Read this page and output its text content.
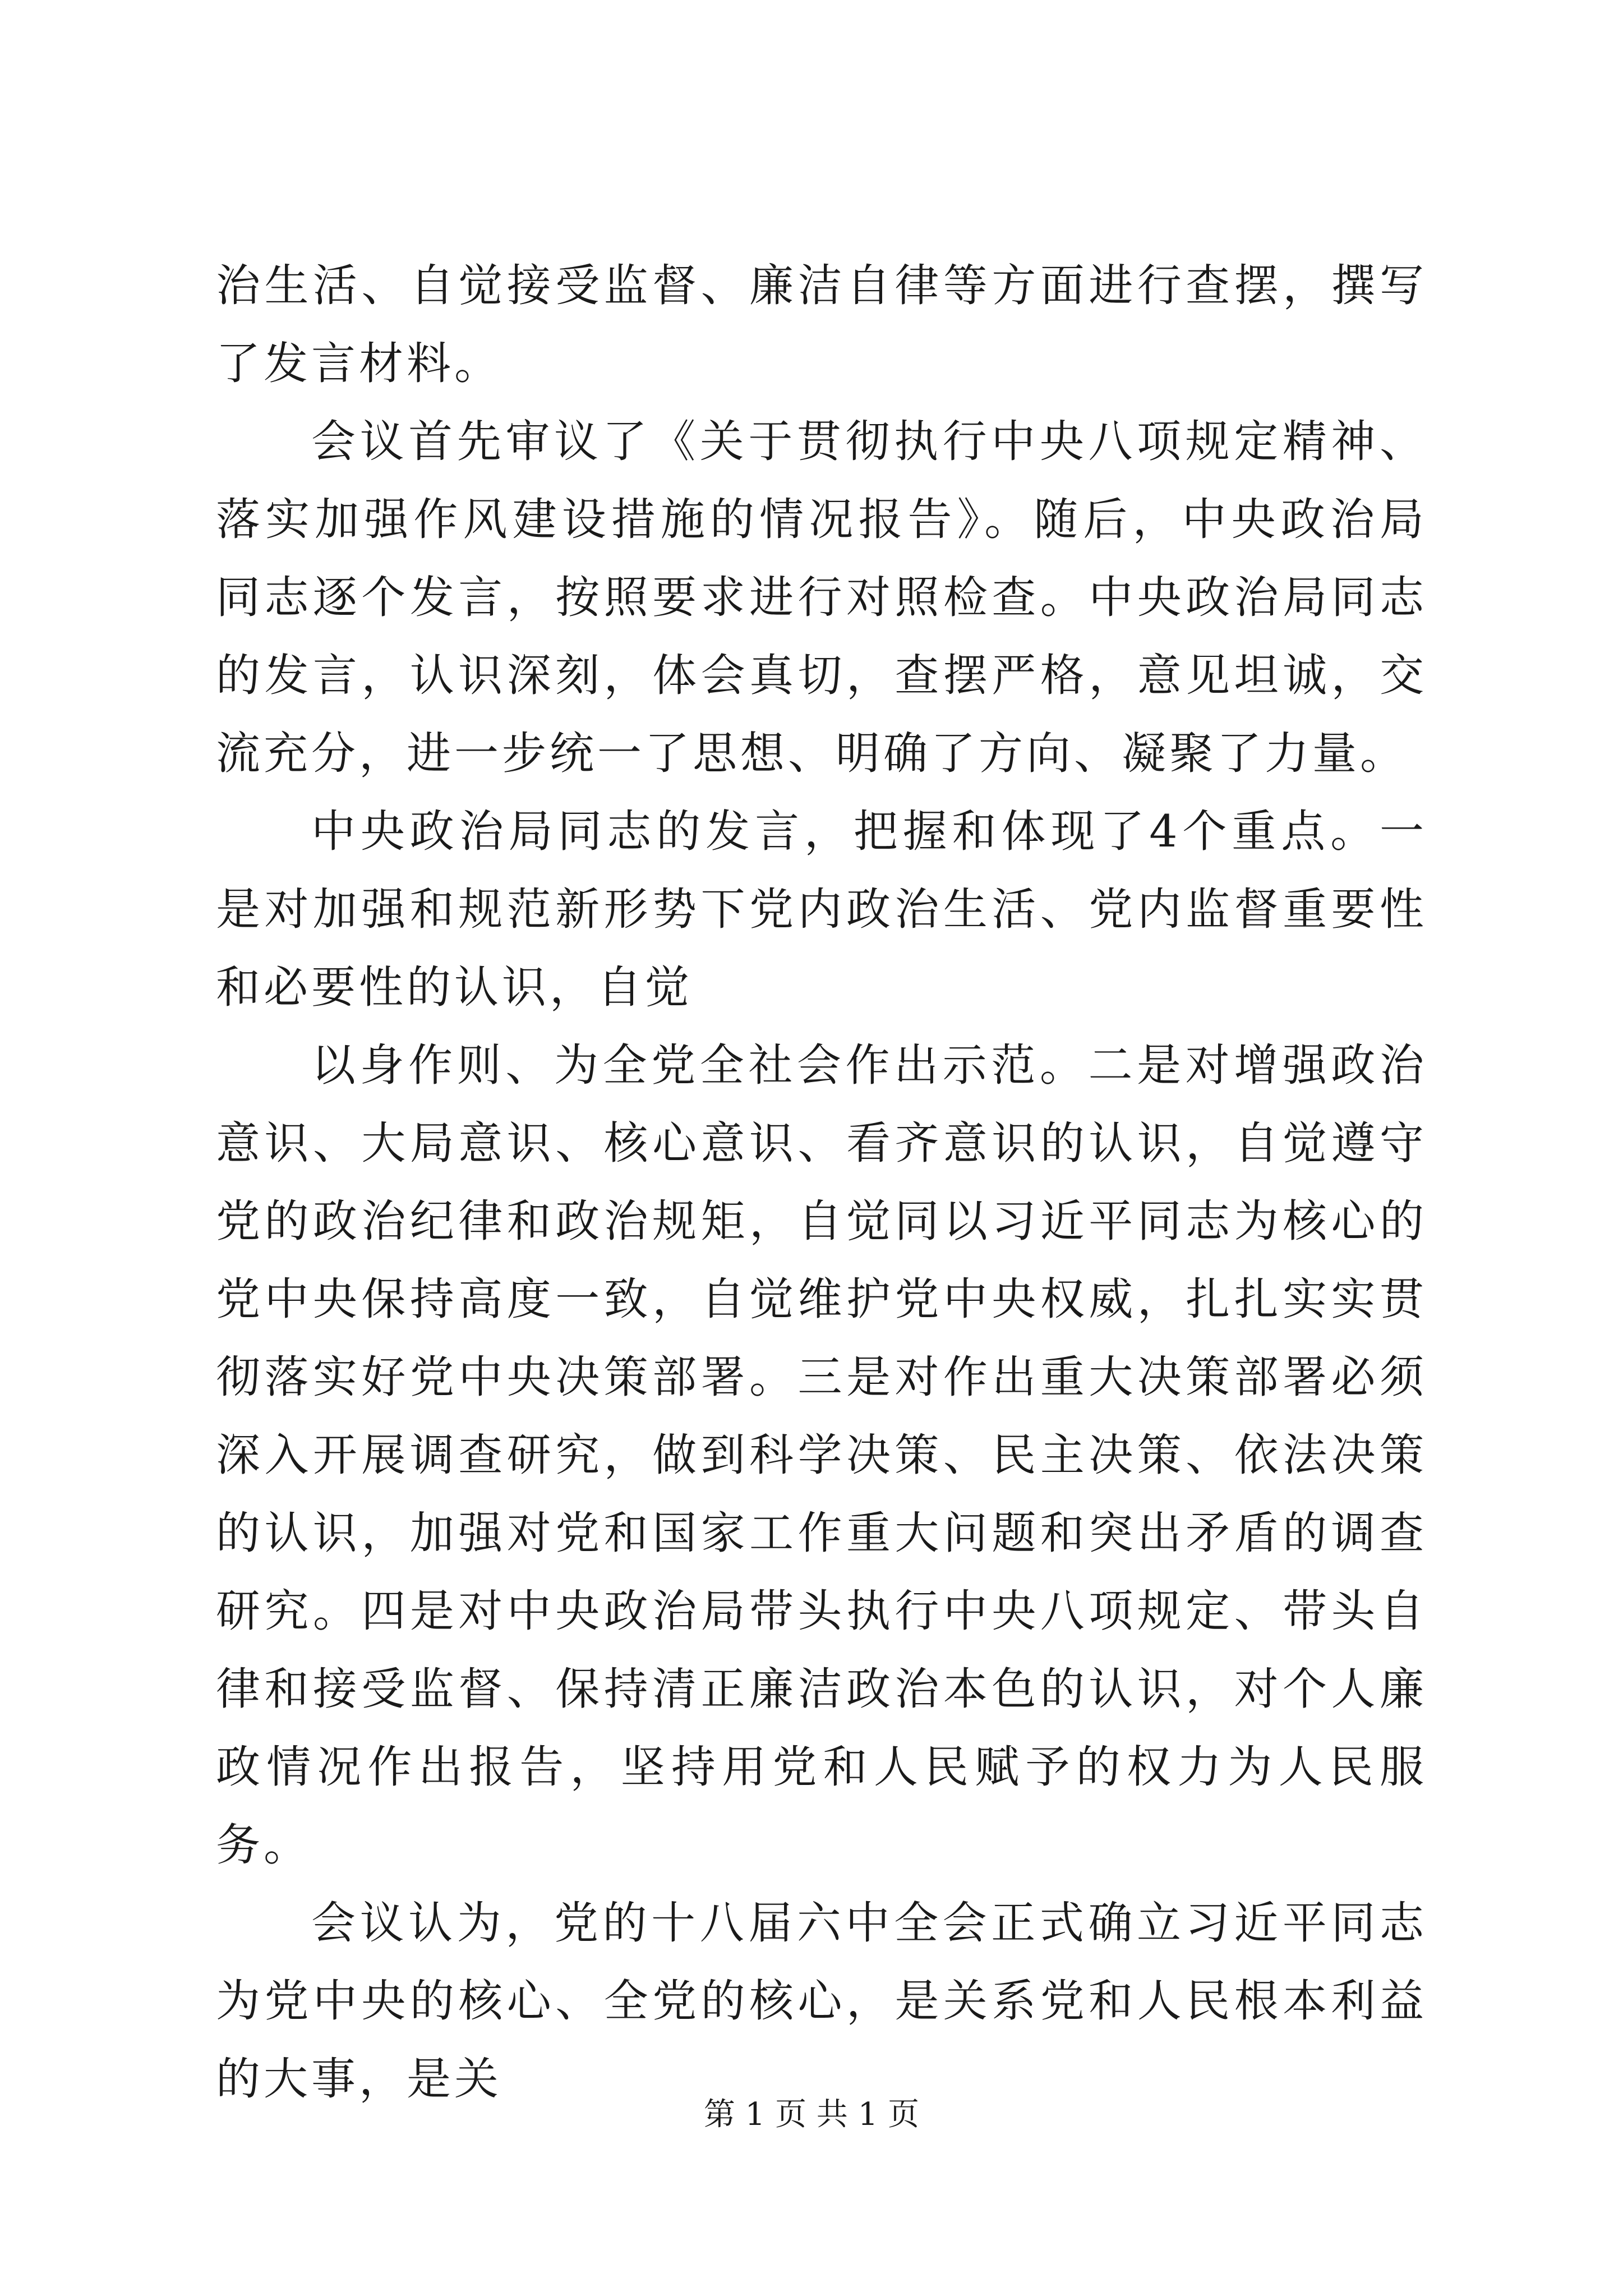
治生活、自觉接受监督、廉洁自律等方面进行查摆，撰写了发言材料。

会议首先审议了《关于贯彻执行中央八项规定精神、落实加强作风建设措施的情况报告》。随后，中央政治局同志逐个发言，按照要求进行对照检查。中央政治局同志的发言，认识深刻，体会真切，查摆严格，意见坦诚，交流充分，进一步统一了思想、明确了方向、凝聚了力量。

中央政治局同志的发言，把握和体现了4个重点。一是对加强和规范新形势下党内政治生活、党内监督重要性和必要性的认识，自觉

以身作则、为全党全社会作出示范。二是对增强政治意识、大局意识、核心意识、看齐意识的认识，自觉遵守党的政治纪律和政治规矩，自觉同以习近平同志为核心的党中央保持高度一致，自觉维护党中央权威，扎扎实实贯彻落实好党中央决策部署。三是对作出重大决策部署必须深入开展调查研究，做到科学决策、民主决策、依法决策的认识，加强对党和国家工作重大问题和突出矛盾的调查研究。四是对中央政治局带头执行中央八项规定、带头自律和接受监督、保持清正廉洁政治本色的认识，对个人廉政情况作出报告，坚持用党和人民赋予的权力为人民服务。

会议认为，党的十八届六中全会正式确立习近平同志为党中央的核心、全党的核心，是关系党和人民根本利益的大事，是关

第 1 页 共 1 页
